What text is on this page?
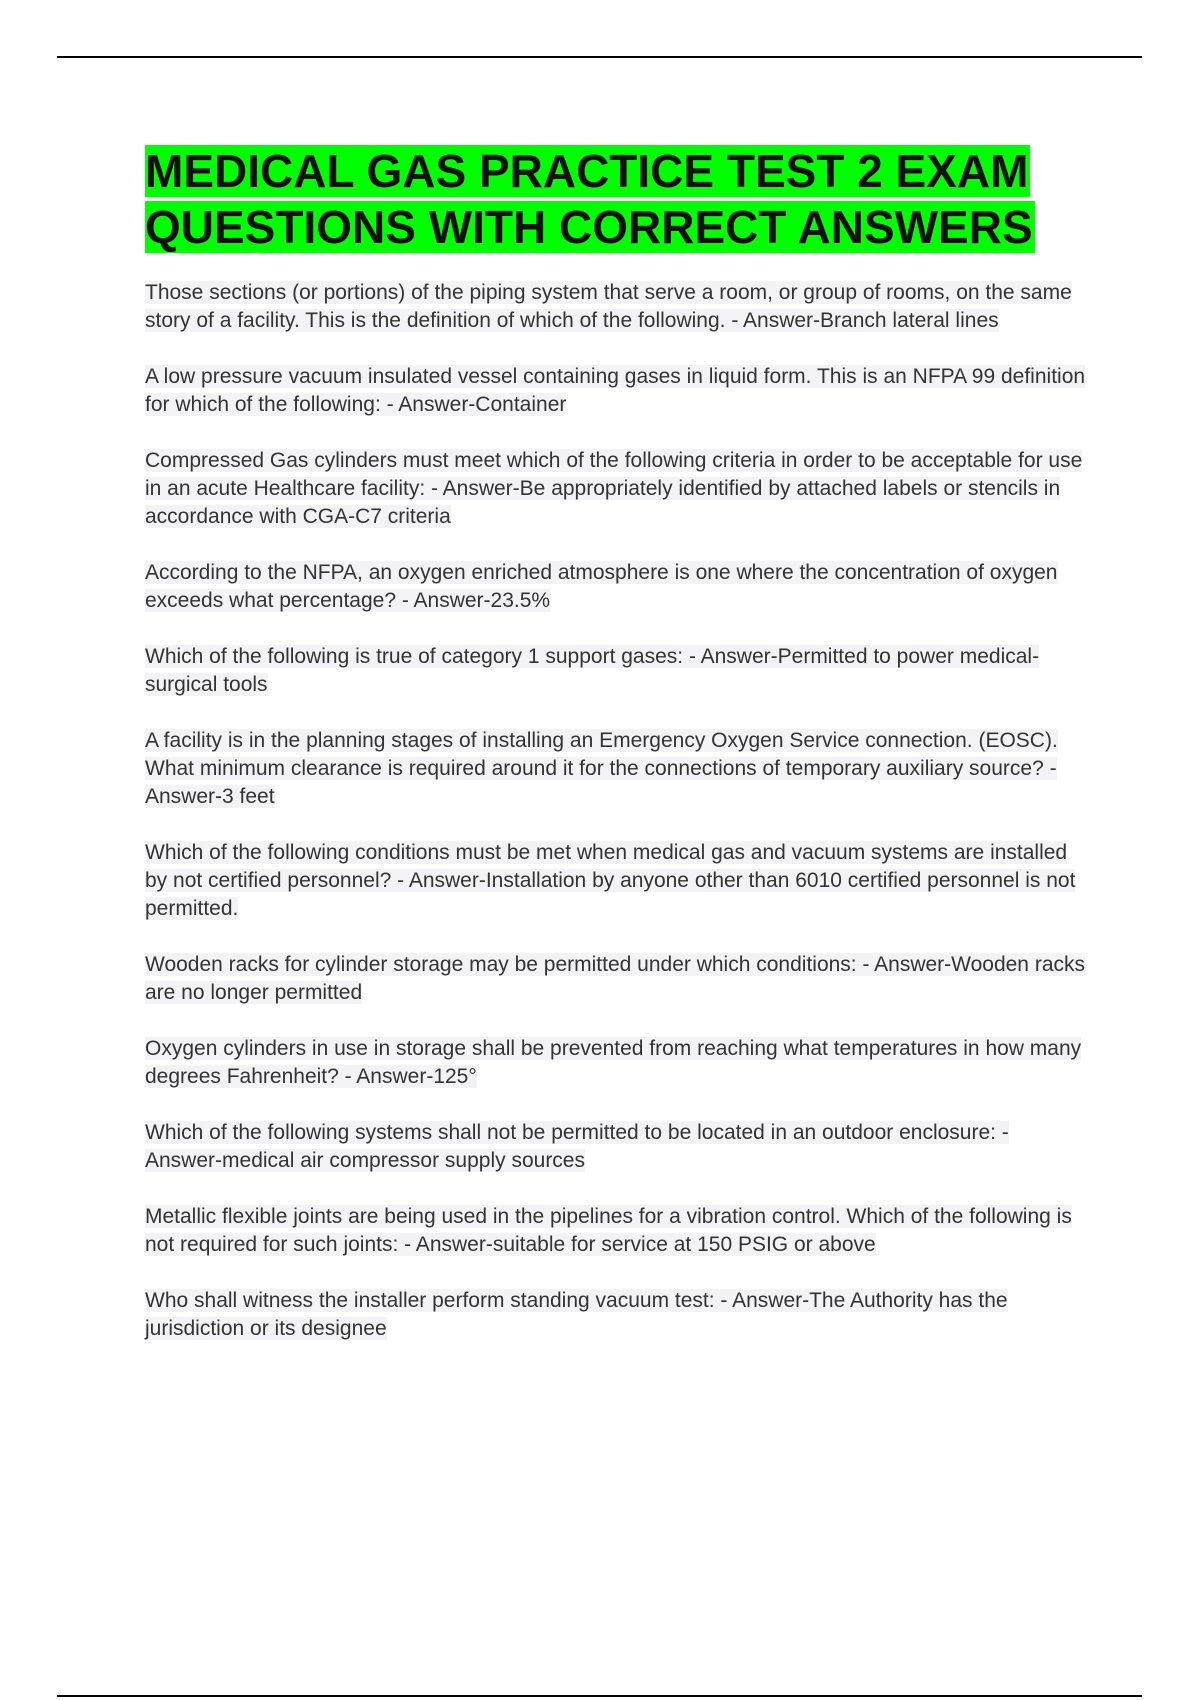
MEDICAL GAS PRACTICE TEST 2 EXAM QUESTIONS WITH CORRECT ANSWERS

Those sections (or portions) of the piping system that serve a room, or group of rooms, on the same story of a facility. This is the definition of which of the following. - Answer-Branch lateral lines

A low pressure vacuum insulated vessel containing gases in liquid form. This is an NFPA 99 definition for which of the following: - Answer-Container

Compressed Gas cylinders must meet which of the following criteria in order to be acceptable for use in an acute Healthcare facility: - Answer-Be appropriately identified by attached labels or stencils in accordance with CGA-C7 criteria

According to the NFPA, an oxygen enriched atmosphere is one where the concentration of oxygen exceeds what percentage? - Answer-23.5%

Which of the following is true of category 1 support gases: - Answer-Permitted to power medical-surgical tools

A facility is in the planning stages of installing an Emergency Oxygen Service connection. (EOSC). What minimum clearance is required around it for the connections of temporary auxiliary source? - Answer-3 feet

Which of the following conditions must be met when medical gas and vacuum systems are installed by not certified personnel? - Answer-Installation by anyone other than 6010 certified personnel is not permitted.

Wooden racks for cylinder storage may be permitted under which conditions: - Answer-Wooden racks are no longer permitted

Oxygen cylinders in use in storage shall be prevented from reaching what temperatures in how many degrees Fahrenheit? - Answer-125°

Which of the following systems shall not be permitted to be located in an outdoor enclosure: - Answer-medical air compressor supply sources

Metallic flexible joints are being used in the pipelines for a vibration control. Which of the following is not required for such joints: - Answer-suitable for service at 150 PSIG or above

Who shall witness the installer perform standing vacuum test: - Answer-The Authority has the jurisdiction or its designee
